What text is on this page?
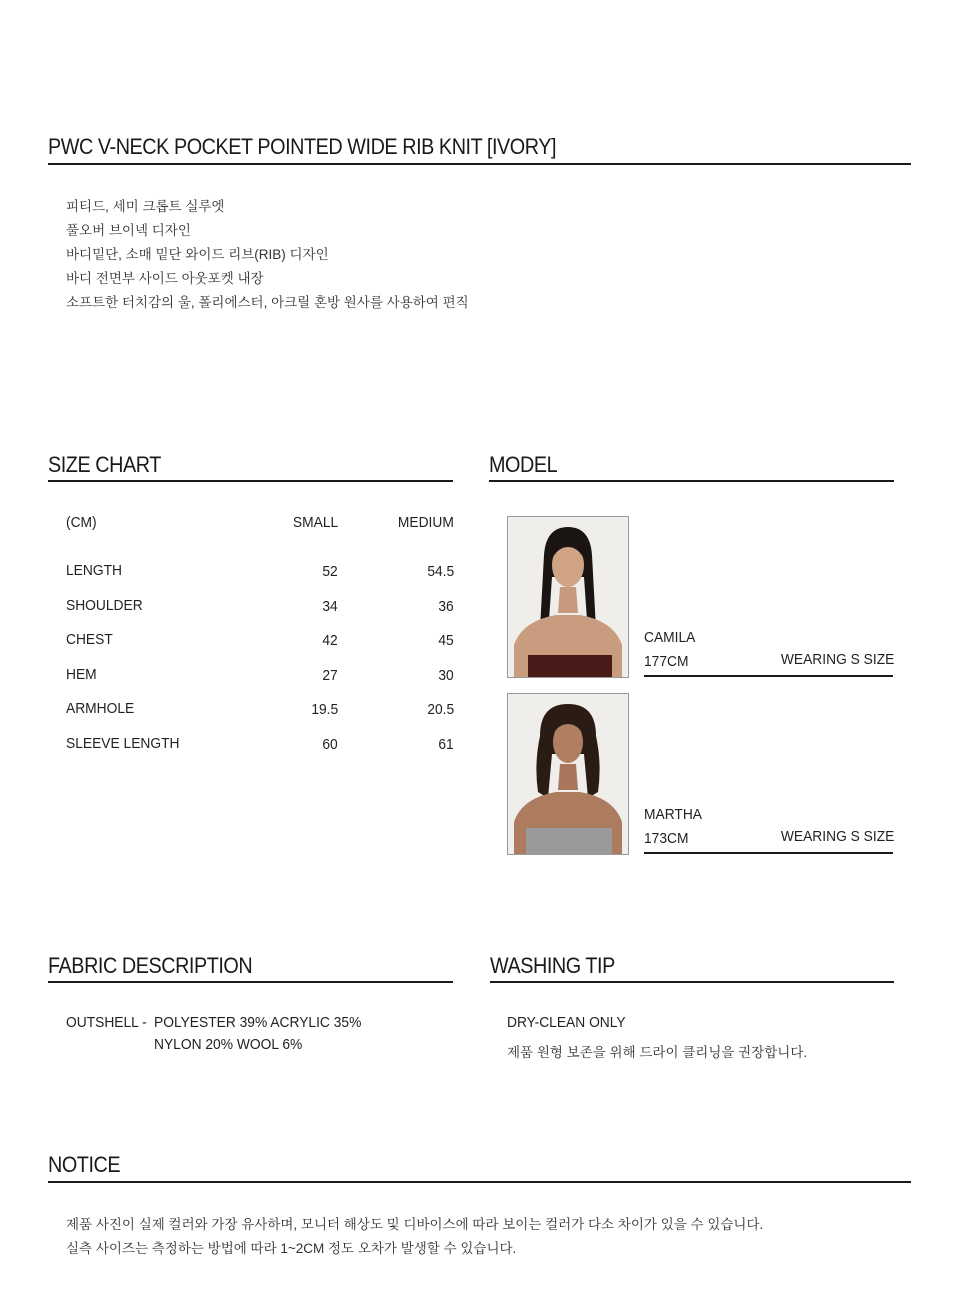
PWC V-NECK POCKET POINTED WIDE RIB KNIT [IVORY]
피티드, 세미 크롭트 실루엣
풀오버 브이넥 디자인
바디밑단, 소매 밑단 와이드 리브(RIB) 디자인
바디 전면부 사이드 아웃포켓 내장
소프트한 터치감의 울, 폴리에스터, 아크릴 혼방 원사를 사용하여 편직
SIZE CHART
(CM)	SMALL	MEDIUM
LENGTH	52	54.5
SHOULDER	34	36
CHEST	42	45
HEM	27	30
ARMHOLE	19.5	20.5
SLEEVE LENGTH	60	61
MODEL
CAMILA
177CM	WEARING S SIZE
MARTHA
173CM	WEARING S SIZE
FABRIC DESCRIPTION
OUTSHELL - POLYESTER 39% ACRYLIC 35%
NYLON 20% WOOL 6%
WASHING TIP
DRY-CLEAN ONLY
제품 원형 보존을 위해 드라이 클리닝을 권장합니다.
NOTICE
제품 사진이 실제 컬러와 가장 유사하며, 모니터 해상도 및 디바이스에 따라 보이는 컬러가 다소 차이가 있을 수 있습니다.
실측 사이즈는 측정하는 방법에 따라 1~2CM 정도 오차가 발생할 수 있습니다.
